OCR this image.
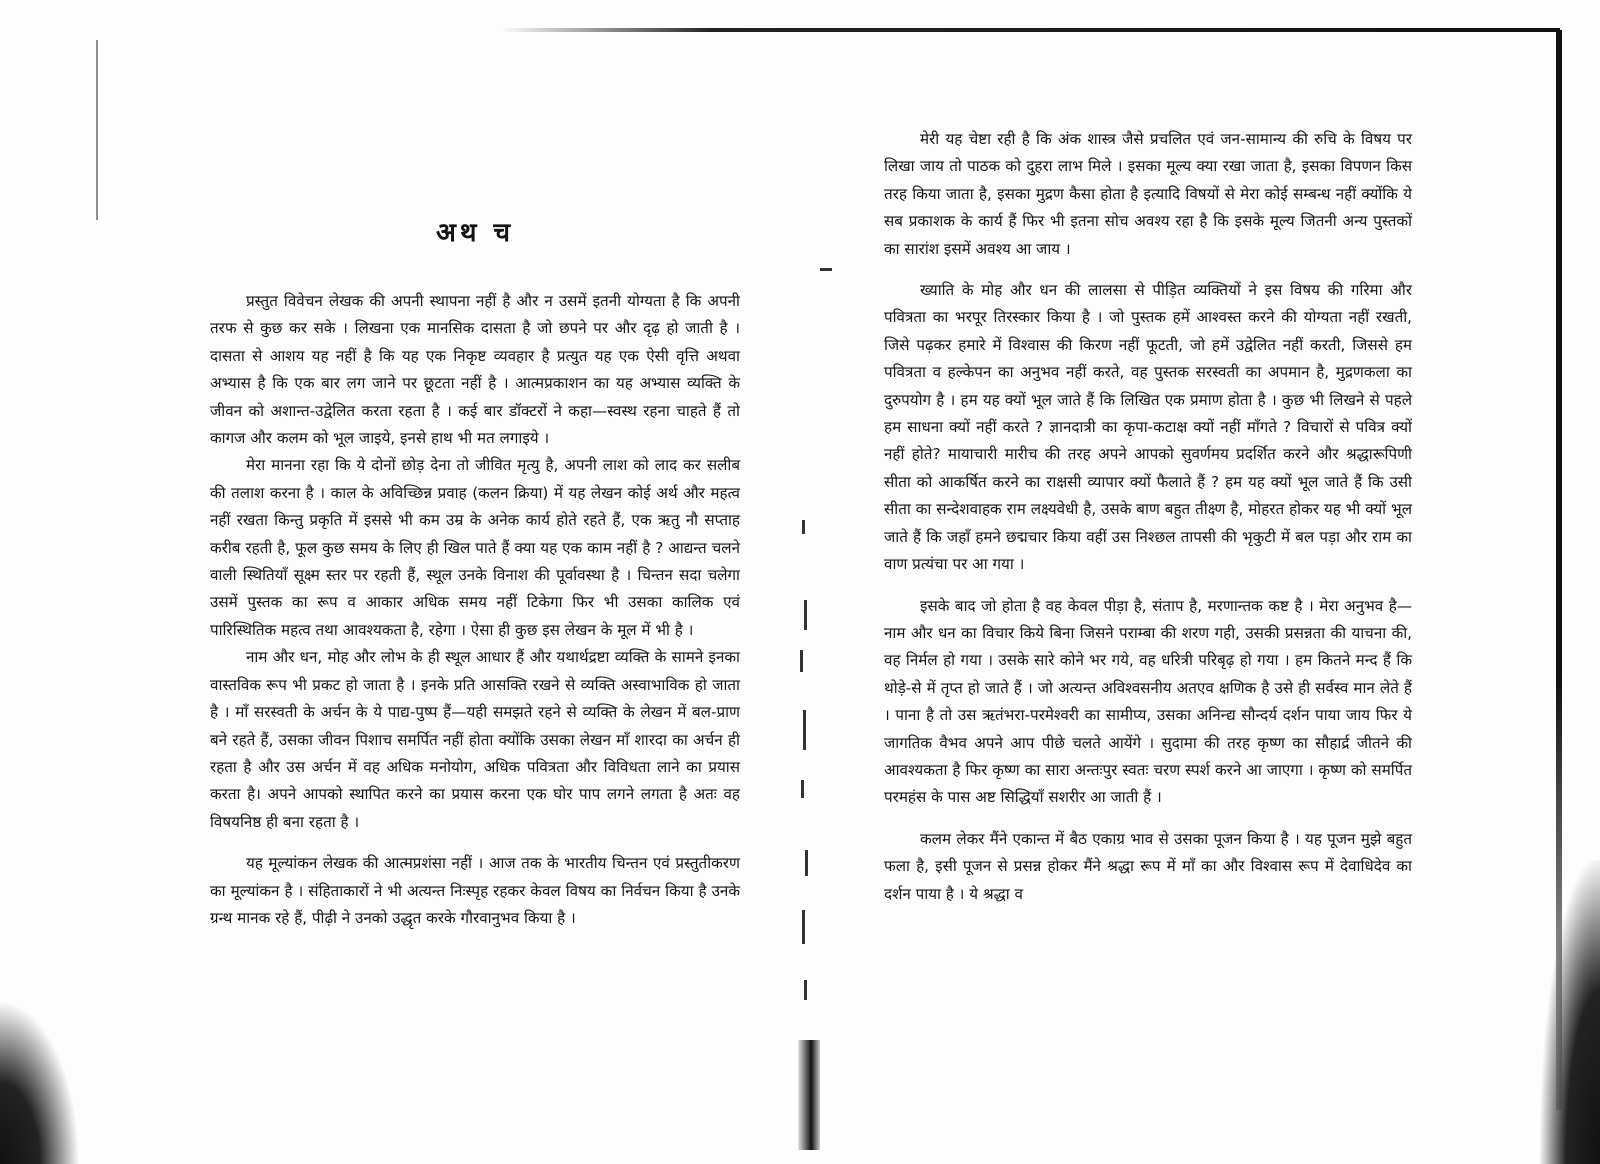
अथ च

प्रस्तुत विवेचन लेखक की अपनी स्थापना नहीं है और न उसमें इतनी योग्यता है कि अपनी तरफ से कुछ कर सके । लिखना एक मानसिक दासता है जो छपने पर और दृढ़ हो जाती है । दासता से आशय यह नहीं है कि यह एक निकृष्ट व्यवहार है प्रत्युत यह एक ऐसी वृत्ति अथवा अभ्यास है कि एक बार लग जाने पर छूटता नहीं है । आत्मप्रकाशन का यह अभ्यास व्यक्ति के जीवन को अशान्त-उद्वेलित करता रहता है । कई बार डॉक्टरों ने कहा—स्वस्थ रहना चाहते हैं तो कागज और कलम को भूल जाइये, इनसे हाथ भी मत लगाइये ।

मेरा मानना रहा कि ये दोनों छोड़ देना तो जीवित मृत्यु है, अपनी लाश को लाद कर सलीब की तलाश करना है । काल के अविच्छिन्न प्रवाह (कलन क्रिया) में यह लेखन कोई अर्थ और महत्व नहीं रखता किन्तु प्रकृति में इससे भी कम उम्र के अनेक कार्य होते रहते हैं, एक ऋतु नौ सप्ताह करीब रहती है, फूल कुछ समय के लिए ही खिल पाते हैं क्या यह एक काम नहीं है ? आद्यन्त चलने वाली स्थितियाँ सूक्ष्म स्तर पर रहती हैं, स्थूल उनके विनाश की पूर्वावस्था है । चिन्तन सदा चलेगा उसमें पुस्तक का रूप व आकार अधिक समय नहीं टिकेगा फिर भी उसका कालिक एवं पारिस्थितिक महत्व तथा आवश्यकता है, रहेगा । ऐसा ही कुछ इस लेखन के मूल में भी है ।

नाम और धन, मोह और लोभ के ही स्थूल आधार हैं और यथार्थद्रष्टा व्यक्ति के सामने इनका वास्तविक रूप भी प्रकट हो जाता है । इनके प्रति आसक्ति रखने से व्यक्ति अस्वाभाविक हो जाता है । माँ सरस्वती के अर्चन के ये पाद्य-पुष्प हैं—यही समझते रहने से व्यक्ति के लेखन में बल-प्राण बने रहते हैं, उसका जीवन पिशाच समर्पित नहीं होता क्योंकि उसका लेखन माँ शारदा का अर्चन ही रहता है और उस अर्चन में वह अधिक मनोयोग, अधिक पवित्रता और विविधता लाने का प्रयास करता है। अपने आपको स्थापित करने का प्रयास करना एक घोर पाप लगने लगता है अतः वह विषयनिष्ठ ही बना रहता है ।

यह मूल्यांकन लेखक की आत्मप्रशंसा नहीं । आज तक के भारतीय चिन्तन एवं प्रस्तुतीकरण का मूल्यांकन है । संहिताकारों ने भी अत्यन्त निःस्पृह रहकर केवल विषय का निर्वचन किया है उनके ग्रन्थ मानक रहे हैं, पीढ़ी ने उनको उद्धृत करके गौरवानुभव किया है ।

मेरी यह चेष्टा रही है कि अंक शास्त्र जैसे प्रचलित एवं जन-सामान्य की रुचि के विषय पर लिखा जाय तो पाठक को दुहरा लाभ मिले । इसका मूल्य क्या रखा जाता है, इसका विपणन किस तरह किया जाता है, इसका मुद्रण कैसा होता है इत्यादि विषयों से मेरा कोई सम्बन्ध नहीं क्योंकि ये सब प्रकाशक के कार्य हैं फिर भी इतना सोच अवश्य रहा है कि इसके मूल्य जितनी अन्य पुस्तकों का सारांश इसमें अवश्य आ जाय ।

ख्याति के मोह और धन की लालसा से पीड़ित व्यक्तियों ने इस विषय की गरिमा और पवित्रता का भरपूर तिरस्कार किया है । जो पुस्तक हमें आश्वस्त करने की योग्यता नहीं रखती, जिसे पढ़कर हमारे में विश्वास की किरण नहीं फूटती, जो हमें उद्वेलित नहीं करती, जिससे हम पवित्रता व हल्केपन का अनुभव नहीं करते, वह पुस्तक सरस्वती का अपमान है, मुद्रणकला का दुरुपयोग है । हम यह क्यों भूल जाते हैं कि लिखित एक प्रमाण होता है । कुछ भी लिखने से पहले हम साधना क्यों नहीं करते ? ज्ञानदात्री का कृपा-कटाक्ष क्यों नहीं माँगते ? विचारों से पवित्र क्यों नहीं होते? मायाचारी मारीच की तरह अपने आपको सुवर्णमय प्रदर्शित करने और श्रद्धारूपिणी सीता को आकर्षित करने का राक्षसी व्यापार क्यों फैलाते हैं ? हम यह क्यों भूल जाते हैं कि उसी सीता का सन्देशवाहक राम लक्ष्यवेधी है, उसके बाण बहुत तीक्ष्ण है, मोहरत होकर यह भी क्यों भूल जाते हैं कि जहाँ हमने छद्मचार किया वहीं उस निश्छल तापसी की भृकुटी में बल पड़ा और राम का वाण प्रत्यंचा पर आ गया ।

इसके बाद जो होता है वह केवल पीड़ा है, संताप है, मरणान्तक कष्ट है । मेरा अनुभव है—नाम और धन का विचार किये बिना जिसने पराम्बा की शरण गही, उसकी प्रसन्नता की याचना की, वह निर्मल हो गया । उसके सारे कोने भर गये, वह धरित्री परिबृढ़ हो गया । हम कितने मन्द हैं कि थोड़े-से में तृप्त हो जाते हैं । जो अत्यन्त अविश्वसनीय अतएव क्षणिक है उसे ही सर्वस्व मान लेते हैं । पाना है तो उस ऋतंभरा-परमेश्वरी का सामीप्य, उसका अनिन्द्य सौन्दर्य दर्शन पाया जाय फिर ये जागतिक वैभव अपने आप पीछे चलते आयेंगे । सुदामा की तरह कृष्ण का सौहार्द्र जीतने की आवश्यकता है फिर कृष्ण का सारा अन्तःपुर स्वतः चरण स्पर्श करने आ जाएगा । कृष्ण को समर्पित परमहंस के पास अष्ट सिद्धियाँ सशरीर आ जाती हैं ।

कलम लेकर मैंने एकान्त में बैठ एकाग्र भाव से उसका पूजन किया है । यह पूजन मुझे बहुत फला है, इसी पूजन से प्रसन्न होकर मैंने श्रद्धा रूप में माँ का और विश्वास रूप में देवाधिदेव का दर्शन पाया है । ये श्रद्धा व
